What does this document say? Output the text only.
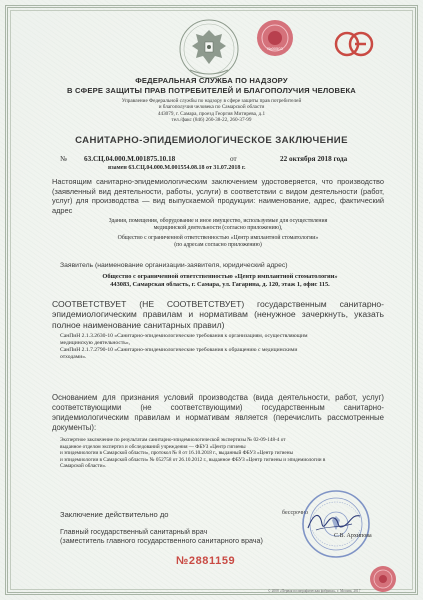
№00503
ФЕДЕРАЛЬНАЯ СЛУЖБА ПО НАДЗОРУ
В СФЕРЕ ЗАЩИТЫ ПРАВ ПОТРЕБИТЕЛЕЙ И БЛАГОПОЛУЧИЯ ЧЕЛОВЕКА
Управление Федеральной службы по надзору в сфере защиты прав потребителей
и благополучия человека по Самарской области
443079, г. Самара, проезд Георгия Митирева, д.1
тел./факс (846) 260-38-22, 260-37-99
САНИТАРНО-ЭПИДЕМИОЛОГИЧЕСКОЕ ЗАКЛЮЧЕНИЕ
№ 63.СЦ.04.000.М.001875.10.18	от	22 октября 2018 года
взамен 63.СЦ.04.000.М.001554.08.18 от 31.07.2018 г.
Настоящим санитарно-эпидемиологическим заключением удостоверяется, что производство (заявленный вид деятельности, работы, услуги) в соответствии с видом деятельности (работ, услуг) для производства — вид выпускаемой продукции: наименование, адрес, фактический адрес
Здания, помещения, оборудование и иное имущество, используемые для осуществления
медицинской деятельности (согласно приложению),
Общество с ограниченной ответственностью «Центр имплантной стоматологии»
(по адресам согласно приложению)
Заявитель (наименование организации-заявителя, юридический адрес)
Общество с ограниченной ответственностью «Центр имплантной стоматологии»
443083, Самарская область, г. Самара, ул. Гагарина, д. 120, этаж 1, офис 115.
СООТВЕТСТВУЕТ (НЕ СООТВЕТСТВУЕТ) государственным санитарно-эпидемиологическим правилам и нормативам (ненужное зачеркнуть, указать полное наименование санитарных правил)
СанПиН 2.1.3.2630-10 «Санитарно-эпидемиологические требования к организациям, осуществляющим
медицинскую деятельность»,
СанПиН 2.1.7.2790-10 «Санитарно-эпидемиологические требования к обращению с медицинскими
отходами».
Основанием для признания условий производства (вида деятельности, работ, услуг) соответствующими (не соответствующими) государственным санитарно-эпидемиологическим правилам и нормативам является (перечислить рассмотренные документы):
Экспертное заключение по результатам санитарно-эпидемиологической экспертизы № 02-09-148-4 от
выданное отделом экспертиз и обследований учреждения — ФБУЗ «Центр гигиены
и эпидемиологии в Самарской области», протокол № 8 от 16.10.2018 г., выданный ФБУЗ «Центр гигиены
и эпидемиологии в Самарской области» № 052758 от 26.10.2012 г., выданное ФБУЗ «Центр гигиены и эпидемиологии в
Самарской области».
Заключение действительно до	бессрочно
Главный государственный санитарный врач
(заместитель главного государственного санитарного врача)
С.В. Архипова
№2881159
© 2008 «Первая полиграфическая фабрика», г. Москва, 2017
